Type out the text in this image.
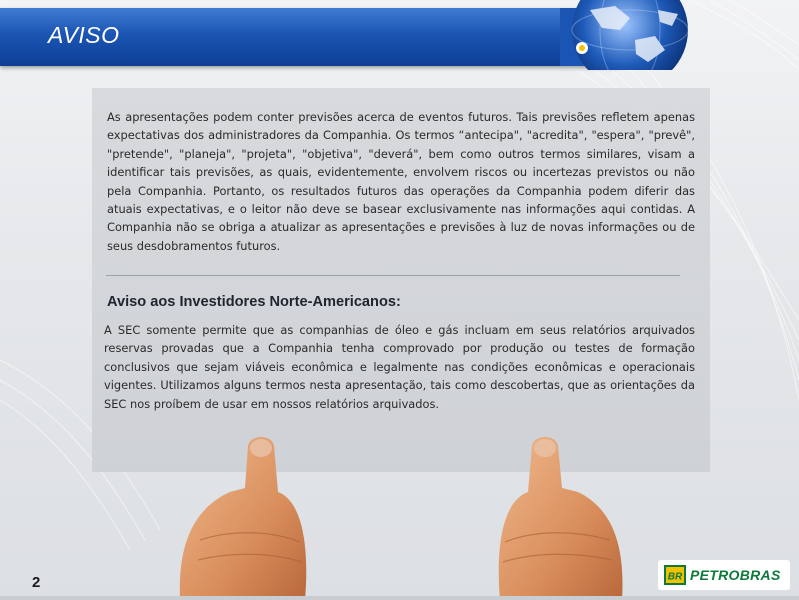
AVISO

As apresentações podem conter previsões acerca de eventos futuros. Tais previsões refletem apenas expectativas dos administradores da Companhia. Os termos “antecipa", "acredita", "espera", "prevê", "pretende", "planeja", "projeta", "objetiva", "deverá", bem como outros termos similares, visam a identificar tais previsões, as quais, evidentemente, envolvem riscos ou incertezas previstos ou não pela Companhia. Portanto, os resultados futuros das operações da Companhia podem diferir das atuais expectativas, e o leitor não deve se basear exclusivamente nas informações aqui contidas. A Companhia não se obriga a atualizar as apresentações e previsões à luz de novas informações ou de seus desdobramentos futuros.

Aviso aos Investidores Norte-Americanos:

A SEC somente permite que as companhias de óleo e gás incluam em seus relatórios arquivados reservas provadas que a Companhia tenha comprovado por produção ou testes de formação conclusivos que sejam viáveis econômica e legalmente nas condições econômicas e operacionais vigentes. Utilizamos alguns termos nesta apresentação, tais como descobertas, que as orientações da SEC nos proíbem de usar em nossos relatórios arquivados.

2	BR PETROBRAS
